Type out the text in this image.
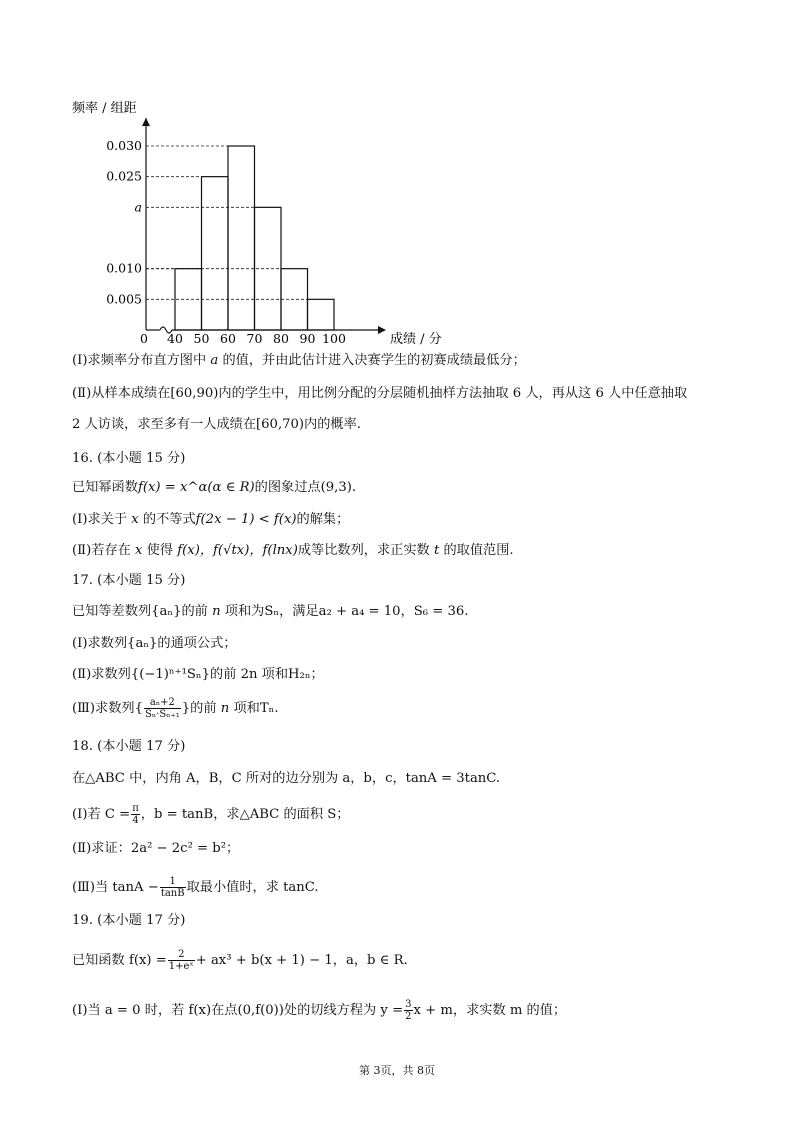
0.030
0.025
a
0.010
0.005
40 50 60 70 80 90 100
0
频率 / 组距
成绩 / 分
(Ⅰ)求频率分布直方图中 a 的值，并由此估计进入决赛学生的初赛成绩最低分；
(Ⅱ)从样本成绩在[60,90)内的学生中，用比例分配的分层随机抽样方法抽取 6 人，再从这 6 人中任意抽取
2 人访谈，求至多有一人成绩在[60,70)内的概率.
16. (本小题 15 分)
已知幂函数f(x) = x^α(α ∈ R)的图象过点(9,3).
(Ⅰ)求关于 x 的不等式f(2x − 1) < f(x)的解集；
(Ⅱ)若存在 x 使得 f(x)，f(√tx)，f(lnx)成等比数列，求正实数 t 的取值范围.
17. (本小题 15 分)
已知等差数列{aₙ}的前 n 项和为Sₙ，满足a₂ + a₄ = 10，S₆ = 36.
(Ⅰ)求数列{aₙ}的通项公式；
(Ⅱ)求数列{(−1)ⁿ⁺¹Sₙ}的前 2n 项和H₂ₙ；
(Ⅲ)求数列{ $\frac{\text{aₙ+2}}{\text{Sₙ·Sₙ₊₁}}$ }的前 n 项和Tₙ.
18. (本小题 17 分)
在△ABC 中，内角 A，B，C 所对的边分别为 a，b，c，tanA = 3tanC.
(Ⅰ)若 $C = \frac{\pi}{4}$ ，b = tanB，求△ABC 的面积 S；
(Ⅱ)求证：2a² − 2c² = b²；
(Ⅲ)当 $\tan A - \frac{1}{\tan B}$ 取最小值时，求 tanC.
19. (本小题 17 分)
已知函数 $f(x) = \frac{2}{\text{1+eˣ}} + ax^3 + b(x + 1) - 1$，a，b ∈ R.
(Ⅰ)当 a = 0 时，若 f(x)在点(0,f(0))处的切线方程为 $y = \frac{3}{2}$ x + m，求实数 m 的值；
第 3页，共 8页
